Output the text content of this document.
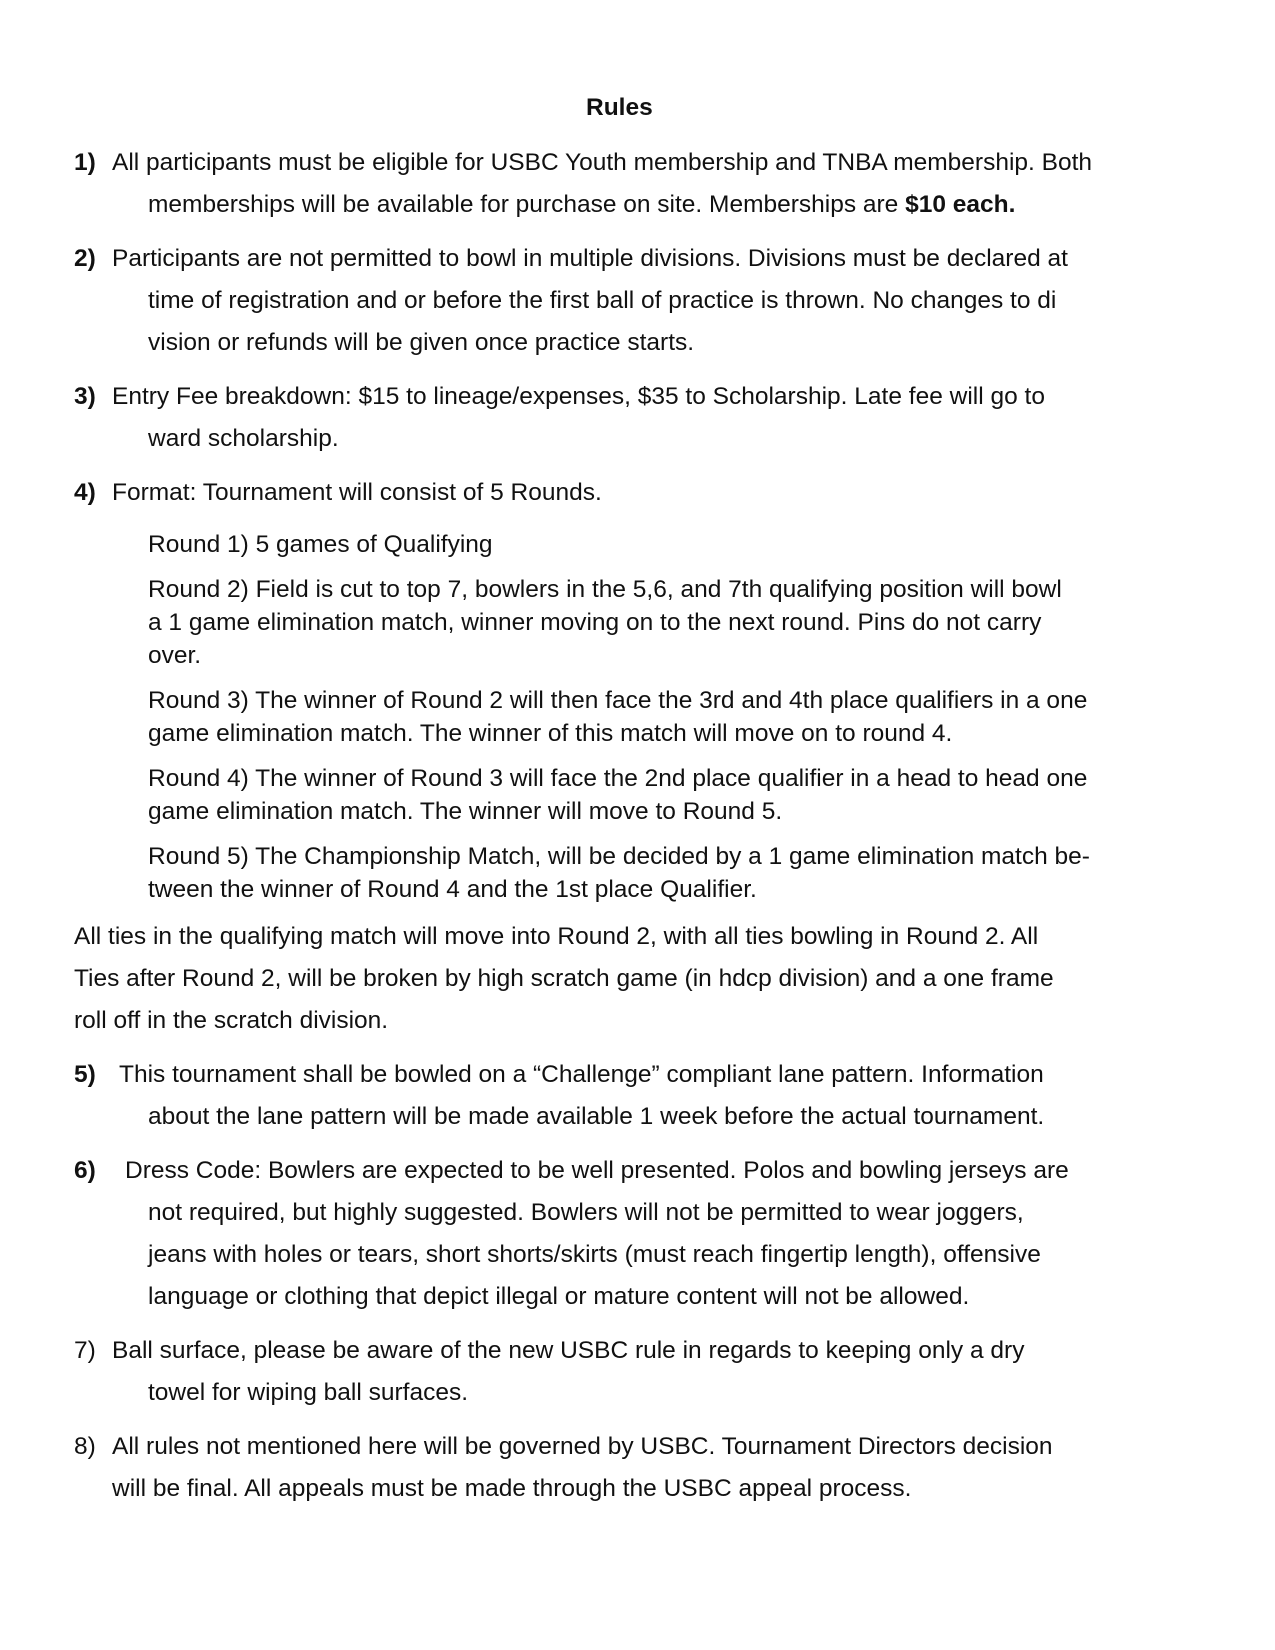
Rules
1) All participants must be eligible for USBC Youth membership and TNBA membership. Both
memberships will be available for purchase on site. Memberships are $10 each.
2) Participants are not permitted to bowl in multiple divisions. Divisions must be declared at
time of registration and or before the first ball of practice is thrown. No changes to di
vision or refunds will be given once practice starts.
3) Entry Fee breakdown: $15 to lineage/expenses, $35 to Scholarship. Late fee will go to
ward scholarship.
4) Format: Tournament will consist of 5 Rounds.
Round 1) 5 games of Qualifying
Round 2) Field is cut to top 7, bowlers in the 5,6, and 7th qualifying position will bowl
a 1 game elimination match, winner moving on to the next round. Pins do not carry
over.
Round 3) The winner of Round 2 will then face the 3rd and 4th place qualifiers in a one
game elimination match. The winner of this match will move on to round 4.
Round 4) The winner of Round 3 will face the 2nd place qualifier in a head to head one
game elimination match. The winner will move to Round 5.
Round 5) The Championship Match, will be decided by a 1 game elimination match be-
tween the winner of Round 4 and the 1st place Qualifier.
All ties in the qualifying match will move into Round 2, with all ties bowling in Round 2. All
Ties after Round 2, will be broken by high scratch game (in hdcp division) and a one frame
roll off in the scratch division.
5) This tournament shall be bowled on a “Challenge” compliant lane pattern. Information
about the lane pattern will be made available 1 week before the actual tournament.
6) Dress Code: Bowlers are expected to be well presented. Polos and bowling jerseys are
not required, but highly suggested. Bowlers will not be permitted to wear joggers,
jeans with holes or tears, short shorts/skirts (must reach fingertip length), offensive
language or clothing that depict illegal or mature content will not be allowed.
7) Ball surface, please be aware of the new USBC rule in regards to keeping only a dry
towel for wiping ball surfaces.
8) All rules not mentioned here will be governed by USBC. Tournament Directors decision
will be final. All appeals must be made through the USBC appeal process.
